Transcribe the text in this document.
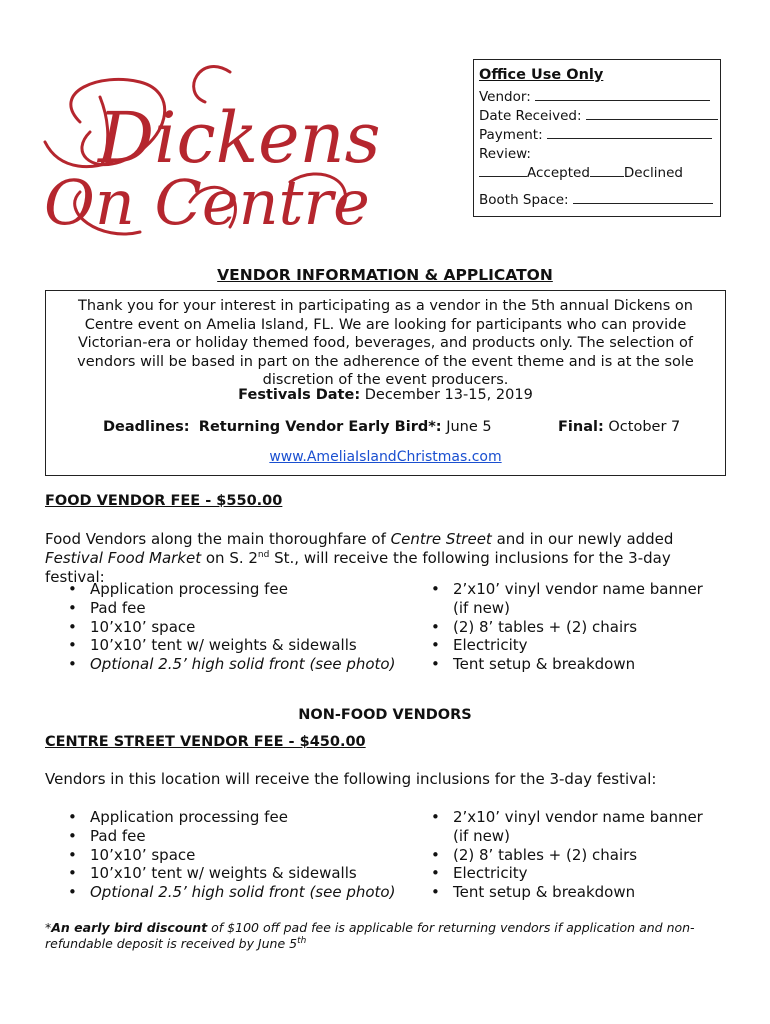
Dickens
On Centre
Office Use Only
Vendor:
Date Received:
Payment:
Review:
Accepted	Declined
Booth Space:
VENDOR INFORMATION & APPLICATON
Thank you for your interest in participating as a vendor in the 5th annual Dickens on Centre event on Amelia Island, FL. We are looking for participants who can provide Victorian-era or holiday themed food, beverages, and products only. The selection of vendors will be based in part on the adherence of the event theme and is at the sole discretion of the event producers.
Festivals Date: December 13-15, 2019
Deadlines: Returning Vendor Early Bird*: June 5	Final: October 7
www.AmeliaIslandChristmas.com
FOOD VENDOR FEE - $550.00
Food Vendors along the main thoroughfare of Centre Street and in our newly added Festival Food Market on S. 2nd St., will receive the following inclusions for the 3-day festival:
• Application processing fee
• Pad fee
• 10’x10’ space
• 10’x10’ tent w/ weights & sidewalls
• Optional 2.5’ high solid front (see photo)
• 2’x10’ vinyl vendor name banner (if new)
• (2) 8’ tables + (2) chairs
• Electricity
• Tent setup & breakdown
NON-FOOD VENDORS
CENTRE STREET VENDOR FEE - $450.00
Vendors in this location will receive the following inclusions for the 3-day festival:
• Application processing fee
• Pad fee
• 10’x10’ space
• 10’x10’ tent w/ weights & sidewalls
• Optional 2.5’ high solid front (see photo)
• 2’x10’ vinyl vendor name banner (if new)
• (2) 8’ tables + (2) chairs
• Electricity
• Tent setup & breakdown
*An early bird discount of $100 off pad fee is applicable for returning vendors if application and non-refundable deposit is received by June 5th
